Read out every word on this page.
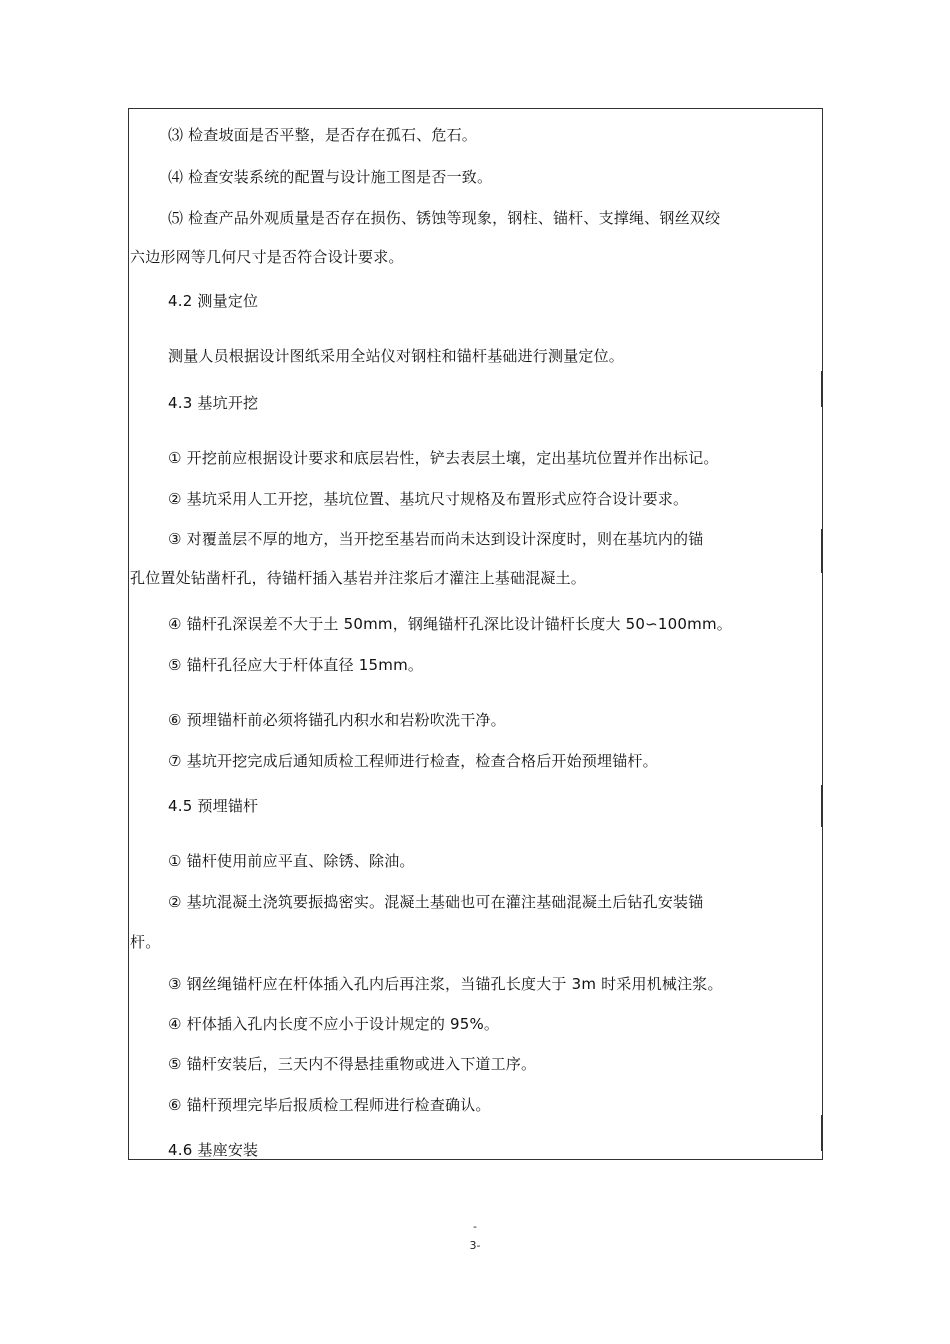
⑶ 检查坡面是否平整，是否存在孤石、危石。
⑷ 检查安装系统的配置与设计施工图是否一致。
⑸ 检查产品外观质量是否存在损伤、锈蚀等现象，钢柱、锚杆、支撑绳、钢丝双绞
六边形网等几何尺寸是否符合设计要求。
4.2 测量定位
测量人员根据设计图纸采用全站仪对钢柱和锚杆基础进行测量定位。
4.3 基坑开挖
① 开挖前应根据设计要求和底层岩性，铲去表层土壤，定出基坑位置并作出标记。
② 基坑采用人工开挖，基坑位置、基坑尺寸规格及布置形式应符合设计要求。
③ 对覆盖层不厚的地方，当开挖至基岩而尚未达到设计深度时，则在基坑内的锚
孔位置处钻凿杆孔，待锚杆插入基岩并注浆后才灌注上基础混凝土。
④ 锚杆孔深误差不大于土 50mm，钢绳锚杆孔深比设计锚杆长度大 50∽100mm。
⑤ 锚杆孔径应大于杆体直径 15mm。
⑥ 预埋锚杆前必须将锚孔内积水和岩粉吹洗干净。
⑦ 基坑开挖完成后通知质检工程师进行检查，检查合格后开始预埋锚杆。
4.5 预埋锚杆
① 锚杆使用前应平直、除锈、除油。
② 基坑混凝土浇筑要振捣密实。混凝土基础也可在灌注基础混凝土后钻孔安装锚
杆。
③ 钢丝绳锚杆应在杆体插入孔内后再注浆，当锚孔长度大于 3m 时采用机械注浆。
④ 杆体插入孔内长度不应小于设计规定的 95%。
⑤ 锚杆安装后，三天内不得悬挂重物或进入下道工序。
⑥ 锚杆预埋完毕后报质检工程师进行检查确认。
4.6 基座安装
-
3-
